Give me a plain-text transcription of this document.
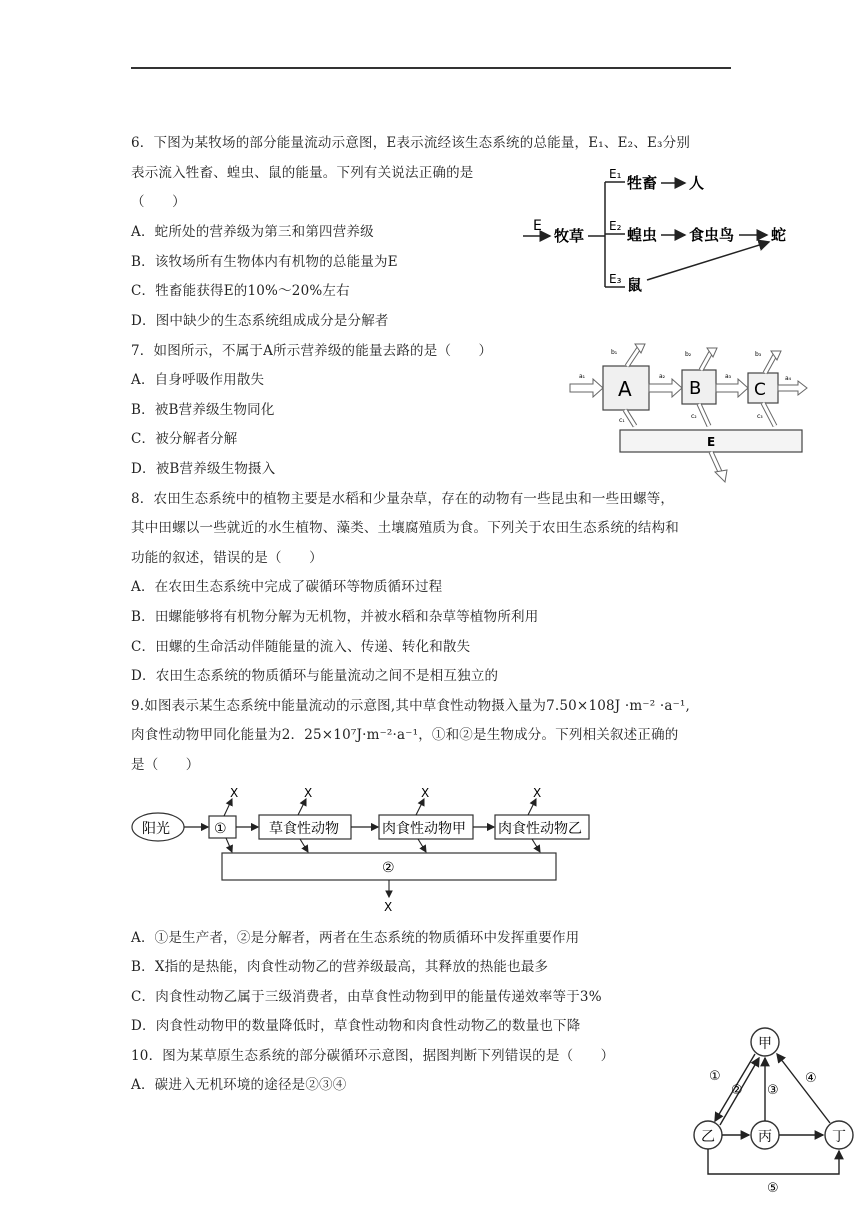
6．下图为某牧场的部分能量流动示意图，E表示流经该生态系统的总能量，E₁、E₂、E₃分别
表示流入牲畜、蝗虫、鼠的能量。下列有关说法正确的是
（　　）
A．蛇所处的营养级为第三和第四营养级
B．该牧场所有生物体内有机物的总能量为E
C．牲畜能获得E的10%～20%左右
D．图中缺少的生态系统组成成分是分解者
E
牧草
E₁
E₂
E₃
牲畜 人
蝗虫 食虫鸟 蛇
鼠
7．如图所示，不属于A所示营养级的能量去路的是（　　）
A．自身呼吸作用散失
B．被B营养级生物同化
C．被分解者分解
D．被B营养级生物摄入
E
A	B	C
a₁	a₂	a₃	a₄
b₁	b₂	b₃
c₁
c₂	c₃
8．农田生态系统中的植物主要是水稻和少量杂草，存在的动物有一些昆虫和一些田螺等，
其中田螺以一些就近的水生植物、藻类、土壤腐殖质为食。下列关于农田生态系统的结构和
功能的叙述，错误的是（　　）
A．在农田生态系统中完成了碳循环等物质循环过程
B．田螺能够将有机物分解为无机物，并被水稻和杂草等植物所利用
C．田螺的生命活动伴随能量的流入、传递、转化和散失
D．农田生态系统的物质循环与能量流动之间不是相互独立的
9.如图表示某生态系统中能量流动的示意图,其中草食性动物摄入量为7.50×108J ·m⁻² ·a⁻¹,
肉食性动物甲同化能量为2．25×10⁷J·m⁻²·a⁻¹，①和②是生物成分。下列相关叙述正确的
是（　　）
阳光	①	草食性动物	肉食性动物甲 肉食性动物乙
X	X	X	X
②
X
A．①是生产者，②是分解者，两者在生态系统的物质循环中发挥重要作用
B．X指的是热能，肉食性动物乙的营养级最高，其释放的热能也最多
C．肉食性动物乙属于三级消费者，由草食性动物到甲的能量传递效率等于3%
D．肉食性动物甲的数量降低时，草食性动物和肉食性动物乙的数量也下降
10．图为某草原生态系统的部分碳循环示意图，据图判断下列错误的是（　　）
A．碳进入无机环境的途径是②③④
甲
乙	丙	丁
①
② ③
④
⑤
